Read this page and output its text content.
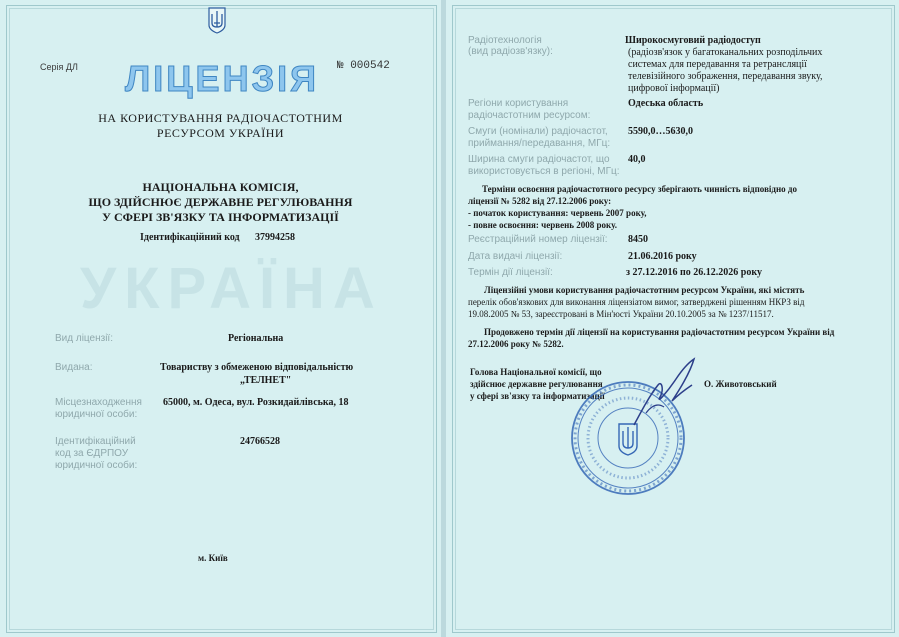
УКРАЇНА
Серія ДЛ	№ 000542
ЛІЦЕНЗІЯ
НА КОРИСТУВАННЯ РАДІОЧАСТОТНИМ
РЕСУРСОМ УКРАЇНИ
НАЦІОНАЛЬНА КОМІСІЯ,
ЩО ЗДІЙСНЮЄ ДЕРЖАВНЕ РЕГУЛЮВАННЯ
У СФЕРІ ЗВ'ЯЗКУ ТА ІНФОРМАТИЗАЦІЇ
Ідентифікаційний код 37994258
Вид ліцензії:	Регіональна
Видана:	Товариству з обмеженою відповідальністю
„ТЕЛНЕТ"
Місцезнаходження
юридичної особи:
65000, м. Одеса, вул. Розкидайлівська, 18
Ідентифікаційний
код за ЄДРПОУ
юридичної особи:
24766528
м. Київ
Радіотехнологія
(вид радіозв'язку):
Широкосмуговий радіодоступ
(радіозв'язок у багатоканальних розподільчих
системах для передавання та ретрансляції
телевізійного зображення, передавання звуку,
цифрової інформації)
Регіони користування
радіочастотним ресурсом:
Одеська область
Смуги (номінали) радіочастот,
приймання/передавання, МГц:
5590,0…5630,0
Ширина смуги радіочастот, що
використовується в регіоні, МГц:
40,0
Терміни освоєння радіочастотного ресурсу зберігають чинність відповідно до
ліцензії № 5282 від 27.12.2006 року:
- початок користування: червень 2007 року,
- повне освоєння: червень 2008 року.
Реєстраційний номер ліцензії: 8450
Дата видачі ліцензії:	21.06.2016 року
Термін дії ліцензії:	з 27.12.2016 по 26.12.2026 року
Ліцензійні умови користування радіочастотним ресурсом України, які містять
перелік обов'язкових для виконання ліцензіатом вимог, затверджені рішенням НКРЗ від
19.08.2005 № 53, зареєстровані в Мін'юсті України 20.10.2005 за № 1237/11517.
Продовжено термін дії ліцензії на користування радіочастотним ресурсом України від
27.12.2006 року № 5282.
Голова Національної комісії, що
здійснює державне регулювання
у сфері зв'язку та інформатизації
О. Животовський
